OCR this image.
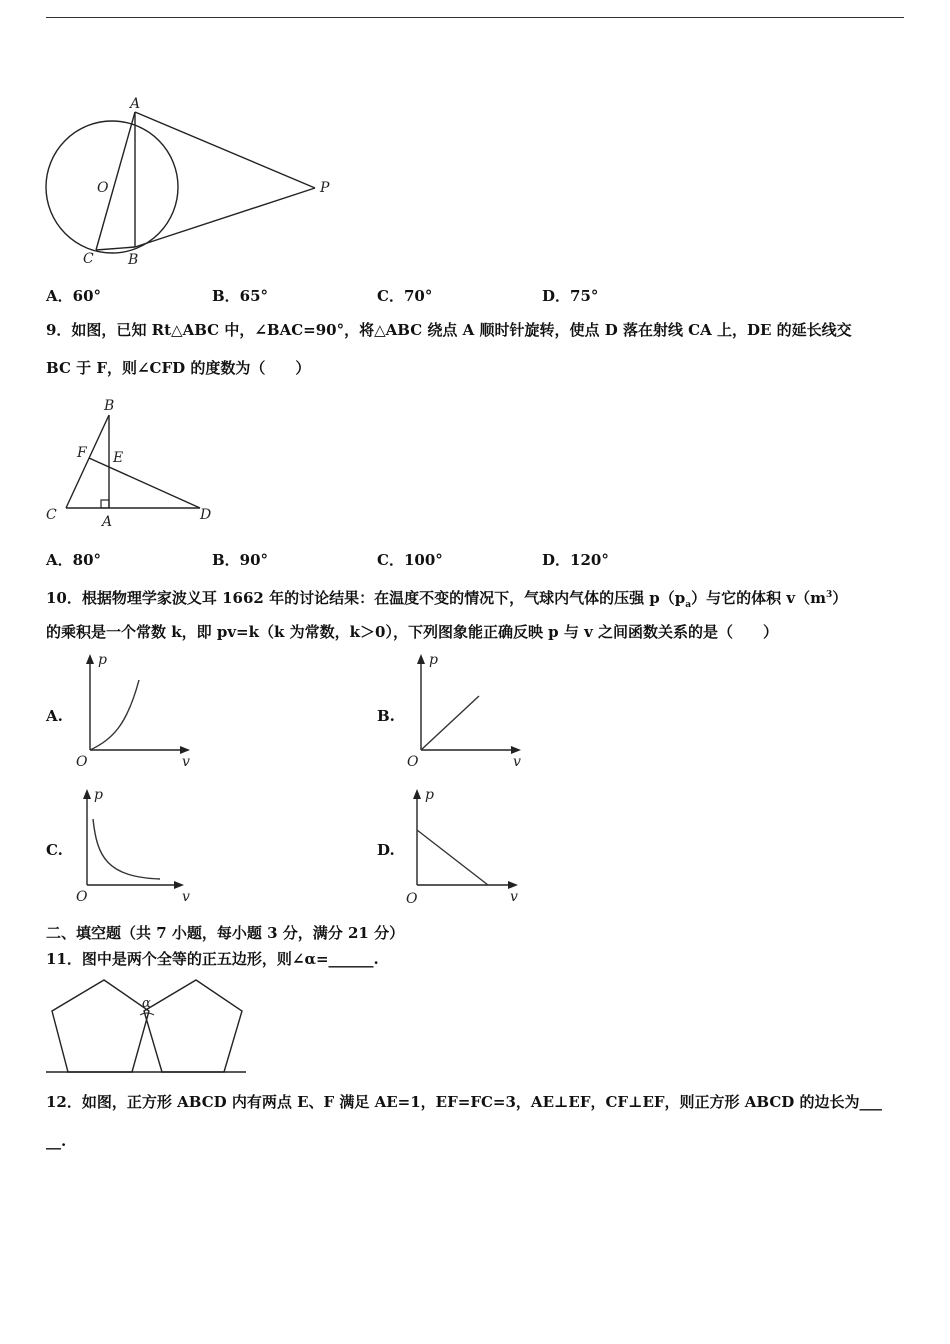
A
O	P
C B
A．60°	B．65°	C．70°	D．75°
9．如图，已知 Rt△ABC 中，∠BAC=90°，将△ABC 绕点 A 顺时针旋转，使点 D 落在射线 CA 上，DE 的延长线交
BC 于 F，则∠CFD 的度数为（　　）
B
F E
C	A	D
A．80°	B．90°	C．100°	D．120°
10．根据物理学家波义耳 1662 年的讨论结果：在温度不变的情况下，气球内气体的压强 $p(p_a)$与它的体积 $v(m^3)$
的乘积是一个常数 k，即 pv=k（k 为常数，k＞0），下列图象能正确反映 p 与 v 之间函数关系的是（　　）
A.	B.
C.	D.
p
v
O
p
v
O
p
v
O
p
v
O
二、填空题（共 7 小题，每小题 3 分，满分 21 分）
11．图中是两个全等的正五边形，则∠α=______.
α
12．如图，正方形 ABCD 内有两点 E、F 满足 AE=1，EF=FC=3，AE⊥EF，CF⊥EF，则正方形 ABCD 的边长为___
__.
